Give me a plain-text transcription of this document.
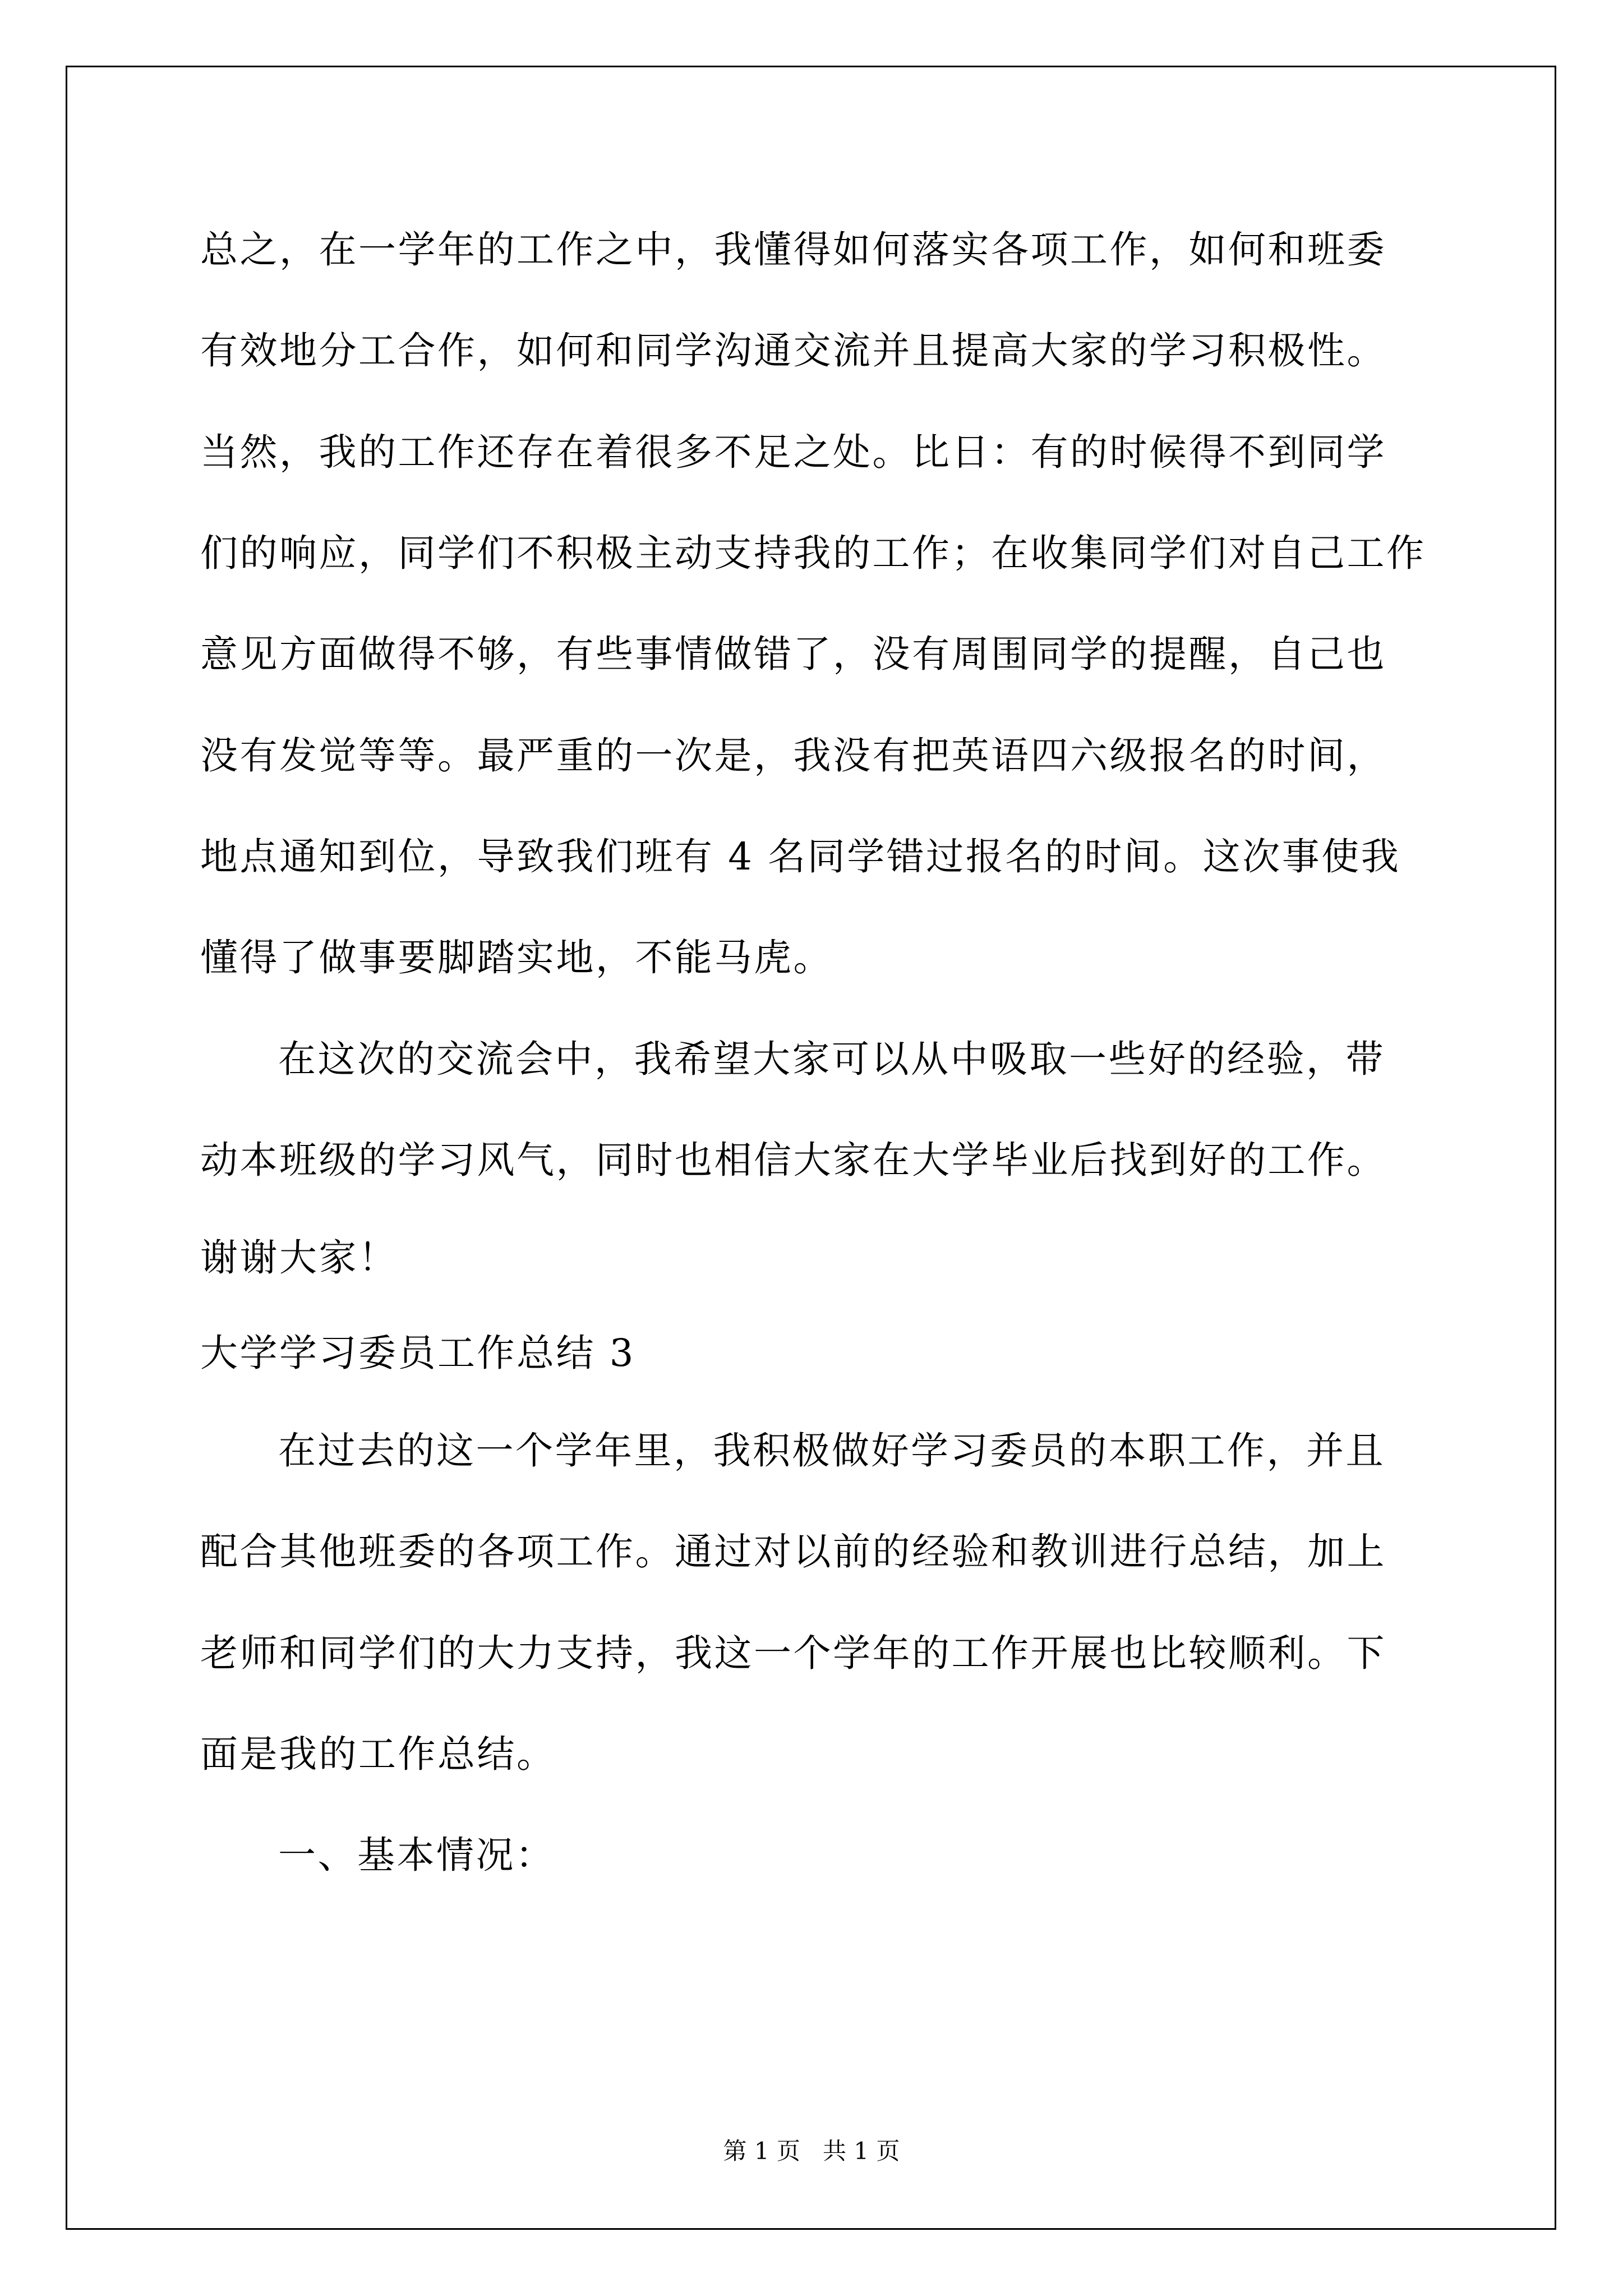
总之，在一学年的工作之中，我懂得如何落实各项工作，如何和班委
有效地分工合作，如何和同学沟通交流并且提高大家的学习积极性。
当然，我的工作还存在着很多不足之处。比日：有的时候得不到同学
们的响应，同学们不积极主动支持我的工作；在收集同学们对自己工作
意见方面做得不够，有些事情做错了，没有周围同学的提醒，自己也
没有发觉等等。最严重的一次是，我没有把英语四六级报名的时间，
地点通知到位，导致我们班有 4 名同学错过报名的时间。这次事使我
懂得了做事要脚踏实地，不能马虎。
在这次的交流会中，我希望大家可以从中吸取一些好的经验，带
动本班级的学习风气，同时也相信大家在大学毕业后找到好的工作。
谢谢大家！
大学学习委员工作总结 3
在过去的这一个学年里，我积极做好学习委员的本职工作，并且
配合其他班委的各项工作。通过对以前的经验和教训进行总结，加上
老师和同学们的大力支持，我这一个学年的工作开展也比较顺利。下
面是我的工作总结。
一、基本情况：
第 1 页   共 1 页
